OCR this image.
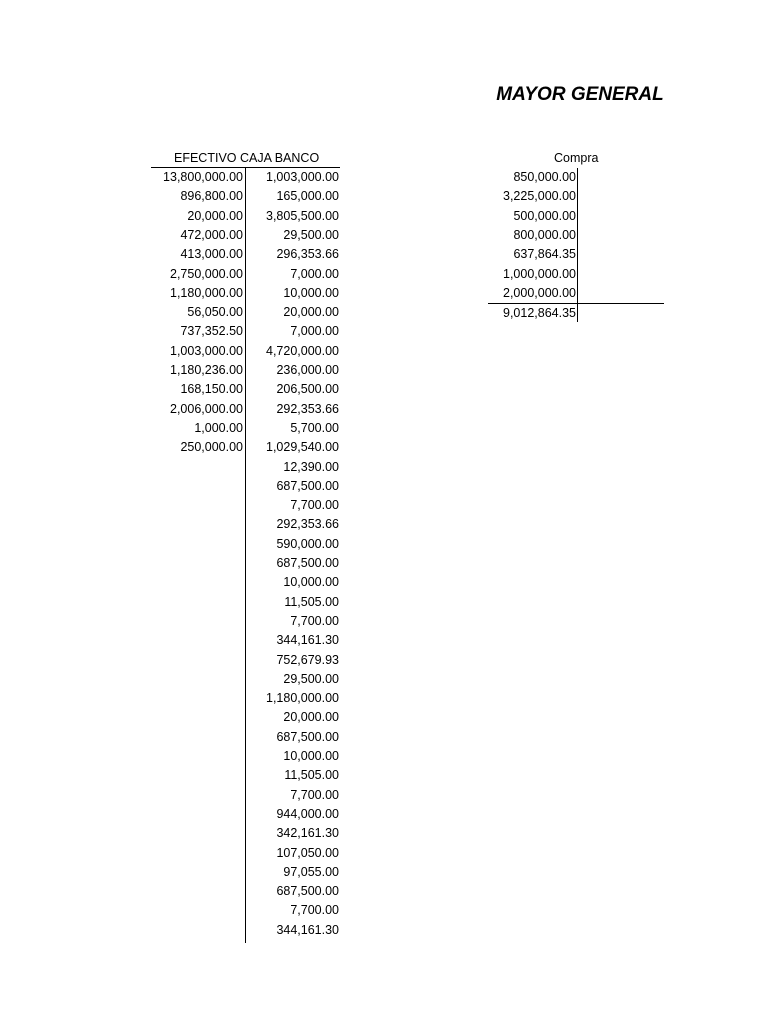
MAYOR GENERAL
EFECTIVO CAJA BANCO
13,800,000.00
896,800.00
20,000.00
472,000.00
413,000.00
2,750,000.00
1,180,000.00
56,050.00
737,352.50
1,003,000.00
1,180,236.00
168,150.00
2,006,000.00
1,000.00
250,000.00
1,003,000.00
165,000.00
3,805,500.00
29,500.00
296,353.66
7,000.00
10,000.00
20,000.00
7,000.00
4,720,000.00
236,000.00
206,500.00
292,353.66
5,700.00
1,029,540.00
12,390.00
687,500.00
7,700.00
292,353.66
590,000.00
687,500.00
10,000.00
11,505.00
7,700.00
344,161.30
752,679.93
29,500.00
1,180,000.00
20,000.00
687,500.00
10,000.00
11,505.00
7,700.00
944,000.00
342,161.30
107,050.00
97,055.00
687,500.00
7,700.00
344,161.30
Compra
850,000.00
3,225,000.00
500,000.00
800,000.00
637,864.35
1,000,000.00
2,000,000.00
9,012,864.35
